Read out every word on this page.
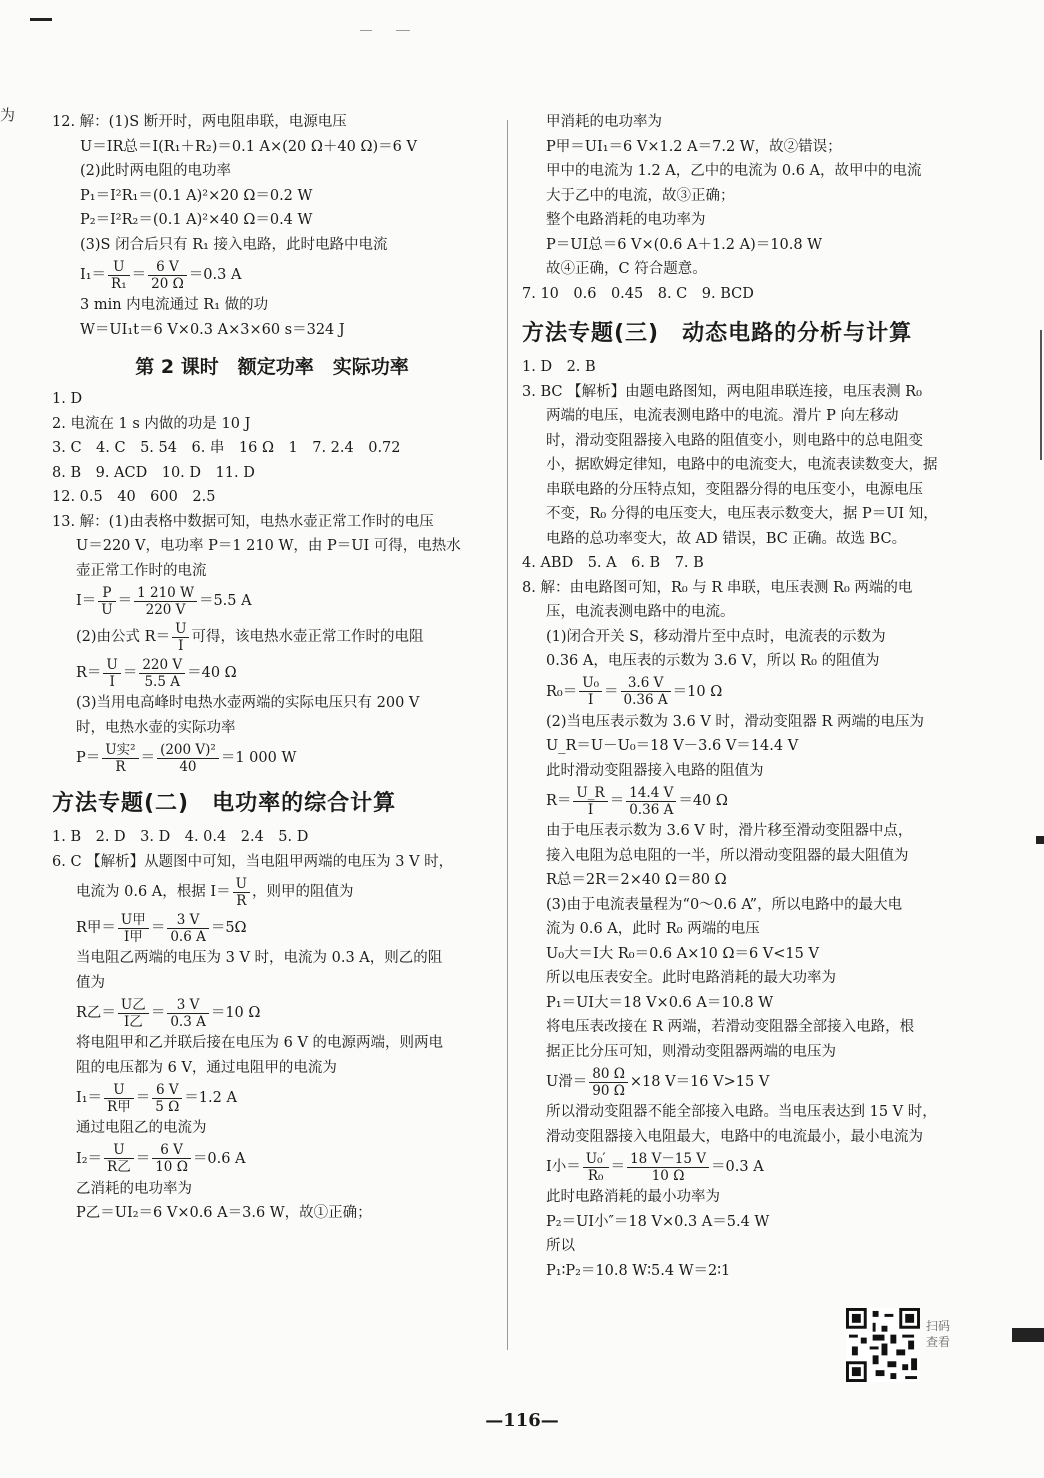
为	12. 解：(1)S 断开时，两电阻串联，电源电压
U＝IR总＝I(R₁＋R₂)＝0.1 A×(20 Ω＋40 Ω)＝6 V
(2)此时两电阻的电功率
P₁＝I²R₁＝(0.1 A)²×20 Ω＝0.2 W
P₂＝I²R₂＝(0.1 A)²×40 Ω＝0.4 W
(3)S 闭合后只有 R₁ 接入电路，此时电路中电流
$I_1= \frac{U}{\text{R₁}} = \frac{6 V}{20 \Omega} =0.3$ A
3 min 内电流通过 R₁ 做的功
W＝UI₁t＝6 V×0.3 A×3×60 s＝324 J
第 2 课时　额定功率　实际功率
1. D
2. 电流在 1 s 内做的功是 10 J
3. C　4. C　5. 54　6. 串　16 Ω　1　7. 2.4　0.72
8. B　9. ACD　10. D　11. D
12. 0.5　40　600　2.5
13. 解：(1)由表格中数据可知，电热水壶正常工作时的电压
U＝220 V，电功率 P＝1 210 W，由 P＝UI 可得，电热水
壶正常工作时的电流
$I= \frac{P}{U} = \frac{1 210 W}{220 V} =5.5$ A
(2)由公式 $R= \frac{U}{I}$ 可得，该电热水壶正常工作时的电阻
$R= \frac{U}{I} = \frac{220 V}{5.5 A} =40$ Ω
(3)当用电高峰时电热水壶两端的实际电压只有 200 V
时，电热水壶的实际功率
$P= \frac{\text{U实²}}{R} = \frac{\text{(200 V)²}}{40} =1$ 000 W
方法专题(二)　电功率的综合计算
1. B　2. D　3. D　4. 0.4　2.4　5. D
6. C 【解析】从题图中可知，当电阻甲两端的电压为 3 V 时，
电流为 0.6 A，根据 $I= \frac{U}{R}$ ，则甲的阻值为
R甲＝ $\frac{\text{U甲}}{\text{I甲}} = \frac{3 V}{0.6 A} =5\Omega$
当电阻乙两端的电压为 3 V 时，电流为 0.3 A，则乙的阻
值为
R乙＝ $\frac{\text{U乙}}{\text{I乙}} = \frac{3 V}{0.3 A} =10$ Ω
将电阻甲和乙并联后接在电压为 6 V 的电源两端，则两电
阻的电压都为 6 V，通过电阻甲的电流为
$I_1= \frac{U}{\text{R甲}} = \frac{6 V}{5 \Omega} =1.2$ A
通过电阻乙的电流为
$I_2= \frac{U}{\text{R乙}} = \frac{6 V}{10 \Omega} =0.6$ A
乙消耗的电功率为
P乙＝UI₂＝6 V×0.6 A＝3.6 W，故①正确；
甲消耗的电功率为
P甲＝UI₁＝6 V×1.2 A＝7.2 W，故②错误；
甲中的电流为 1.2 A，乙中的电流为 0.6 A，故甲中的电流
大于乙中的电流，故③正确；
整个电路消耗的电功率为
P＝UI总＝6 V×(0.6 A＋1.2 A)＝10.8 W
故④正确，C 符合题意。
7. 10　0.6　0.45　8. C　9. BCD
方法专题(三)　动态电路的分析与计算
1. D　2. B
3. BC 【解析】由题电路图知，两电阻串联连接，电压表测 R₀
两端的电压，电流表测电路中的电流。滑片 P 向左移动
时，滑动变阻器接入电路的阻值变小，则电路中的总电阻变
小，据欧姆定律知，电路中的电流变大，电流表读数变大，据
串联电路的分压特点知，变阻器分得的电压变小，电源电压
不变，R₀ 分得的电压变大，电压表示数变大，据 P＝UI 知，
电路的总功率变大，故 AD 错误，BC 正确。故选 BC。
4. ABD　5. A　6. B　7. B
8. 解：由电路图可知，R₀ 与 R 串联，电压表测 R₀ 两端的电
压，电流表测电路中的电流。
(1)闭合开关 S，移动滑片至中点时，电流表的示数为
0.36 A，电压表的示数为 3.6 V，所以 R₀ 的阻值为
$R_0= \frac{\text{U₀}}{I} = \frac{3.6 V}{0.36 A} =10$ Ω
(2)当电压表示数为 3.6 V 时，滑动变阻器 R 两端的电压为
U_R＝U－U₀＝18 V－3.6 V＝14.4 V
此时滑动变阻器接入电路的阻值为
$R= \frac{U\_R}{I} = \frac{14.4 V}{0.36 A} =40$ Ω
由于电压表示数为 3.6 V 时，滑片移至滑动变阻器中点，
接入电阻为总电阻的一半，所以滑动变阻器的最大阻值为
R总＝2R＝2×40 Ω＝80 Ω
(3)由于电流表量程为“0～0.6 A”，所以电路中的最大电
流为 0.6 A，此时 R₀ 两端的电压
U₀大＝I大 R₀＝0.6 A×10 Ω＝6 V<15 V
所以电压表安全。此时电路消耗的最大功率为
P₁＝UI大＝18 V×0.6 A＝10.8 W
将电压表改接在 R 两端，若滑动变阻器全部接入电路，根
据正比分压可知，则滑动变阻器两端的电压为
U滑＝ $\frac{80 \Omega}{90 \Omega} \times 18$ V＝16 V>15 V
所以滑动变阻器不能全部接入电路。当电压表达到 15 V 时，
滑动变阻器接入电阻最大，电路中的电流最小，最小电流为
I小＝ $\frac{\text{U₀′}}{\text{R₀}} = \frac{18 V-15 V}{10 \Omega} =0.3$ A
此时电路消耗的最小功率为
P₂＝UI小″＝18 V×0.3 A＝5.4 W
所以
P₁∶P₂＝10.8 W∶5.4 W＝2∶1
扫码查看
—116—
